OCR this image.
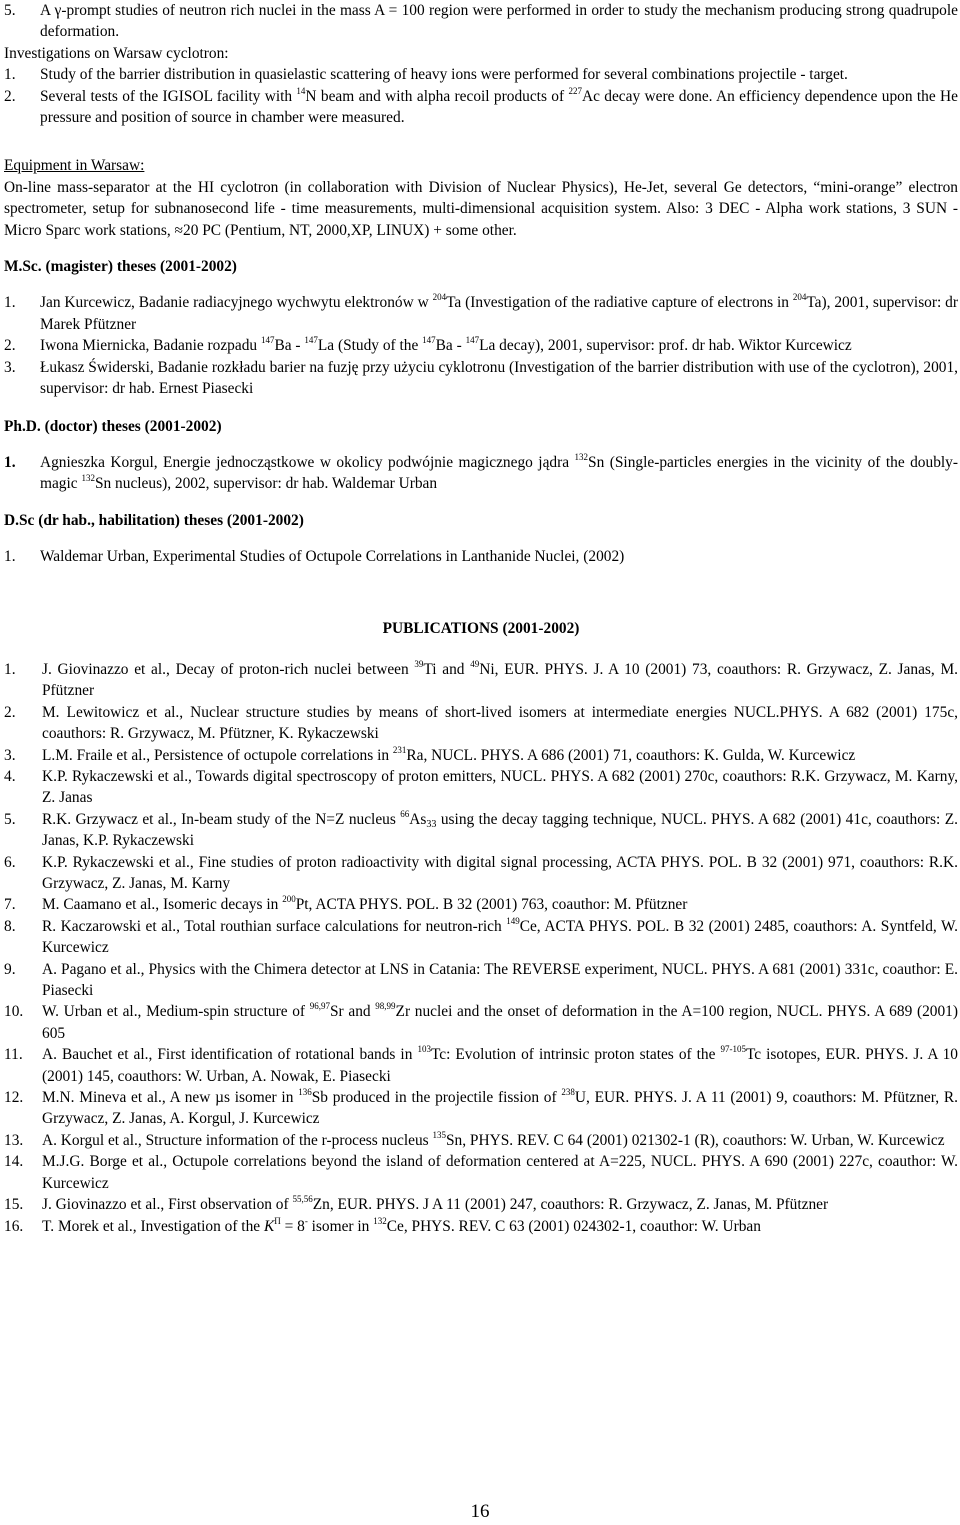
5. A γ-prompt studies of neutron rich nuclei in the mass A = 100 region were performed in order to study the mechanism producing strong quadrupole deformation.

Investigations on Warsaw cyclotron:

1. Study of the barrier distribution in quasielastic scattering of heavy ions were performed for several combinations projectile - target.
2. Several tests of the IGISOL facility with $^{14}$N beam and with alpha recoil products of $^{227}$Ac decay were done. An efficiency dependence upon the He pressure and position of source in chamber were measured.

Equipment in Warsaw:

On-line mass-separator at the HI cyclotron (in collaboration with Division of Nuclear Physics), He-Jet, several Ge detectors, “mini-orange” electron spectrometer, setup for subnanosecond life - time measurements, multi-dimensional acquisition system. Also: 3 DEC - Alpha work stations, 3 SUN - Micro Sparc work stations, ≈20 PC (Pentium, NT, 2000,XP, LINUX) + some other.

M.Sc. (magister) theses (2001-2002)

1. Jan Kurcewicz, Badanie radiacyjnego wychwytu elektronów w $^{204}$Ta (Investigation of the radiative capture of electrons in $^{204}$Ta), 2001, supervisor: dr Marek Pfützner
2. Iwona Miernicka, Badanie rozpadu $^{147}$Ba - $^{147}$La (Study of the $^{147}$Ba - $^{147}$La decay), 2001, supervisor: prof. dr hab. Wiktor Kurcewicz
3. Łukasz Świderski, Badanie rozkładu barier na fuzję przy użyciu cyklotronu (Investigation of the barrier distribution with use of the cyclotron), 2001, supervisor: dr hab. Ernest Piasecki

Ph.D. (doctor) theses (2001-2002)

1. Agnieszka Korgul, Energie jednocząstkowe w okolicy podwójnie magicznego jądra $^{132}$Sn (Single-particles energies in the vicinity of the doubly-magic $^{132}$Sn nucleus), 2002, supervisor: dr hab. Waldemar Urban

D.Sc (dr hab., habilitation) theses (2001-2002)

1. Waldemar Urban, Experimental Studies of Octupole Correlations in Lanthanide Nuclei, (2002)

PUBLICATIONS (2001-2002)

1. J. Giovinazzo et al., Decay of proton-rich nuclei between $^{39}$Ti and $^{49}$Ni, EUR. PHYS. J. A 10 (2001) 73, coauthors: R. Grzywacz, Z. Janas, M. Pfützner
2. M. Lewitowicz et al., Nuclear structure studies by means of short-lived isomers at intermediate energies NUCL.PHYS. A 682 (2001) 175c, coauthors: R. Grzywacz, M. Pfützner, K. Rykaczewski
3. L.M. Fraile et al., Persistence of octupole correlations in $^{231}$Ra, NUCL. PHYS. A 686 (2001) 71, coauthors: K. Gulda, W. Kurcewicz
4. K.P. Rykaczewski et al., Towards digital spectroscopy of proton emitters, NUCL. PHYS. A 682 (2001) 270c, coauthors: R.K. Grzywacz, M. Karny, Z. Janas
5. R.K. Grzywacz et al., In-beam study of the N=Z nucleus $^{66}As_{33}$ using the decay tagging technique, NUCL. PHYS. A 682 (2001) 41c, coauthors: Z. Janas, K.P. Rykaczewski
6. K.P. Rykaczewski et al., Fine studies of proton radioactivity with digital signal processing, ACTA PHYS. POL. B 32 (2001) 971, coauthors: R.K. Grzywacz, Z. Janas, M. Karny
7. M. Caamano et al., Isomeric decays in $^{200}$Pt, ACTA PHYS. POL. B 32 (2001) 763, coauthor: M. Pfützner
8. R. Kaczarowski et al., Total routhian surface calculations for neutron-rich $^{149}$Ce, ACTA PHYS. POL. B 32 (2001) 2485, coauthors: A. Syntfeld, W. Kurcewicz
9. A. Pagano et al., Physics with the Chimera detector at LNS in Catania: The REVERSE experiment, NUCL. PHYS. A 681 (2001) 331c, coauthor: E. Piasecki
10. W. Urban et al., Medium-spin structure of $^{96,97}$Sr and $^{98,99}$Zr nuclei and the onset of deformation in the A=100 region, NUCL. PHYS. A 689 (2001) 605
11. A. Bauchet et al., First identification of rotational bands in $^{103}$Tc: Evolution of intrinsic proton states of the $^{97-105}$Tc isotopes, EUR. PHYS. J. A 10 (2001) 145, coauthors: W. Urban, A. Nowak, E. Piasecki
12. M.N. Mineva et al., A new µs isomer in $^{136}$Sb produced in the projectile fission of $^{238}$U, EUR. PHYS. J. A 11 (2001) 9, coauthors: M. Pfützner, R. Grzywacz, Z. Janas, A. Korgul, J. Kurcewicz
13. A. Korgul et al., Structure information of the r-process nucleus $^{135}$Sn, PHYS. REV. C 64 (2001) 021302-1 (R), coauthors: W. Urban, W. Kurcewicz
14. M.J.G. Borge et al., Octupole correlations beyond the island of deformation centered at A=225, NUCL. PHYS. A 690 (2001) 227c, coauthor: W. Kurcewicz
15. J. Giovinazzo et al., First observation of $^{55,56}$Zn, EUR. PHYS. J A 11 (2001) 247, coauthors: R. Grzywacz, Z. Janas, M. Pfützner
16. T. Morek et al., Investigation of the $K^\Pi = 8^-$ isomer in $^{132}$Ce, PHYS. REV. C 63 (2001) 024302-1, coauthor: W. Urban
16
